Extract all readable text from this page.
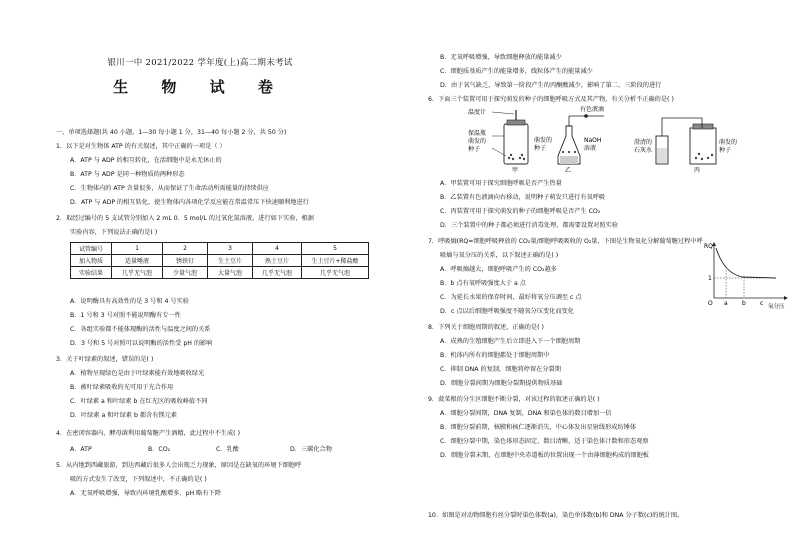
银川一中 2021/2022 学年度(上)高二期末考试
生 物 试 卷
一、单项选择题(共 40 小题，1—30 每小题 1 分，31—40 每小题 2 分，共 50 分)
1．以下是对生物体 ATP 的有关叙述，其中正确的一项是（ ）
A．ATP 与 ADP 的相互转化，在活细胞中是永无休止的
B．ATP 与 ADP 是同一种物质的两种形态
C．生物体内的 ATP 含量很多，从而保证了生命活动所需能量的持续供应
D．ATP 与 ADP 的相互转化，使生物体内各项化学反应能在常温常压下快速顺利地进行
2．取经过编号的 5 支试管分别加入 2 mL 0．5 mol/L 的过氧化氢溶液，进行如下实验，根据
实验内容，下列说法正确的是( )
试管编号	1	2	3	4	5
加入物质	适量唾液	锈铁钉	生土豆片	熟土豆片	生土豆片+稀盐酸
实验结果	几乎无气泡	少量气泡	大量气泡	几乎无气泡	几乎无气泡
A．说明酶具有高效性的是 3 号和 4 号实验
B．1 号和 3 号对照不能说明酶有专一性
C．各组实验都不能体现酶的活性与温度之间的关系
D．3 号和 5 号对照可以说明酶的活性受 pH 的影响
3．关于叶绿素的叙述，错误的是( )
A．植物呈现绿色是由于叶绿素能有效地吸收绿光
B．被叶绿素吸收的光可用于光合作用
C．叶绿素 a 和叶绿素 b 在红光区的吸收峰值不同
D．叶绿素 a 和叶绿素 b 都含有镁元素
4．在密闭容器内，酵母菌利用葡萄糖产生酒精，此过程中不生成( )
A．ATP	B．CO₂	C．乳酸	D．三碳化合物
5．从内地到西藏旅游，到达西藏后很多人会出现乏力现象，原因是在缺氧的环境下细胞呼
吸的方式发生了改变，下列叙述中，不正确的是( )
A．无氧呼吸增强，导致内环境乳酸增多、pH 略有下降
B．无氧呼吸增强，导致细胞释放的能量减少
C．细胞质基质产生的能量增多，线粒体产生的能量减少
D．由于氧气缺乏，导致第一阶段产生的丙酮酸减少，影响了第二、三阶段的进行
6．下面三个装置可用于探究萌发的种子的细胞呼吸方式及其产物，有关分析不正确的是( )
温度计
保温瓶
萌发的
种子
甲
有色液滴
NaOH
溶液
萌发的
种子
乙
澄清的
石灰水
萌发的
种子
丙
A．甲装置可用于探究细胞呼吸是否产生热量
B．乙装置有色液滴向右移动，说明种子萌发只进行有氧呼吸
C．丙装置可用于探究萌发的种子的细胞呼吸是否产生 CO₂
D．三个装置中的种子都必须进行消毒处理，都需要设置对照实验
7．呼吸熵(RQ=细胞呼吸释放的 CO₂量/细胞呼吸吸收的 O₂量，下图是生物氧化分解葡萄糖过程中呼
吸熵与氧分压的关系，以下叙述正确的是( )
A．呼吸熵越大，细胞呼吸产生的 CO₂越多
B．b 点有氧呼吸强度大于 a 点
C．为延长水果的保存时间，最好将氧分压调至 c 点
D．c 点以后细胞呼吸强度不随氧分压变化而变化
RQ
1
O a b c 氧分压
8．下列关于细胞周期的叙述，正确的是( )
A．成熟的生殖细胞产生后立即进入下一个细胞周期
B．机体内所有的细胞都处于细胞周期中
C．抑制 DNA 的复制，细胞将停留在分裂期
D．细胞分裂间期为细胞分裂期提供物质基础
9．菠菜根的分生区细胞不断分裂，对该过程的叙述正确的是( )
A．细胞分裂间期，DNA 复制，DNA 和染色体的数目增加一倍
B．细胞分裂前期，核膜和核仁逐渐消失，中心体发出星射线形成纺锤体
C．细胞分裂中期，染色体形态固定、数目清晰，适于染色体计数和形态观察
D．细胞分裂末期，在细胞中央赤道板的位置出现一个由薄细胞构成的细胞板
10．如图是对动物细胞有丝分裂时染色体数(a)，染色单体数(b)和 DNA 分子数(c)的统计图。
